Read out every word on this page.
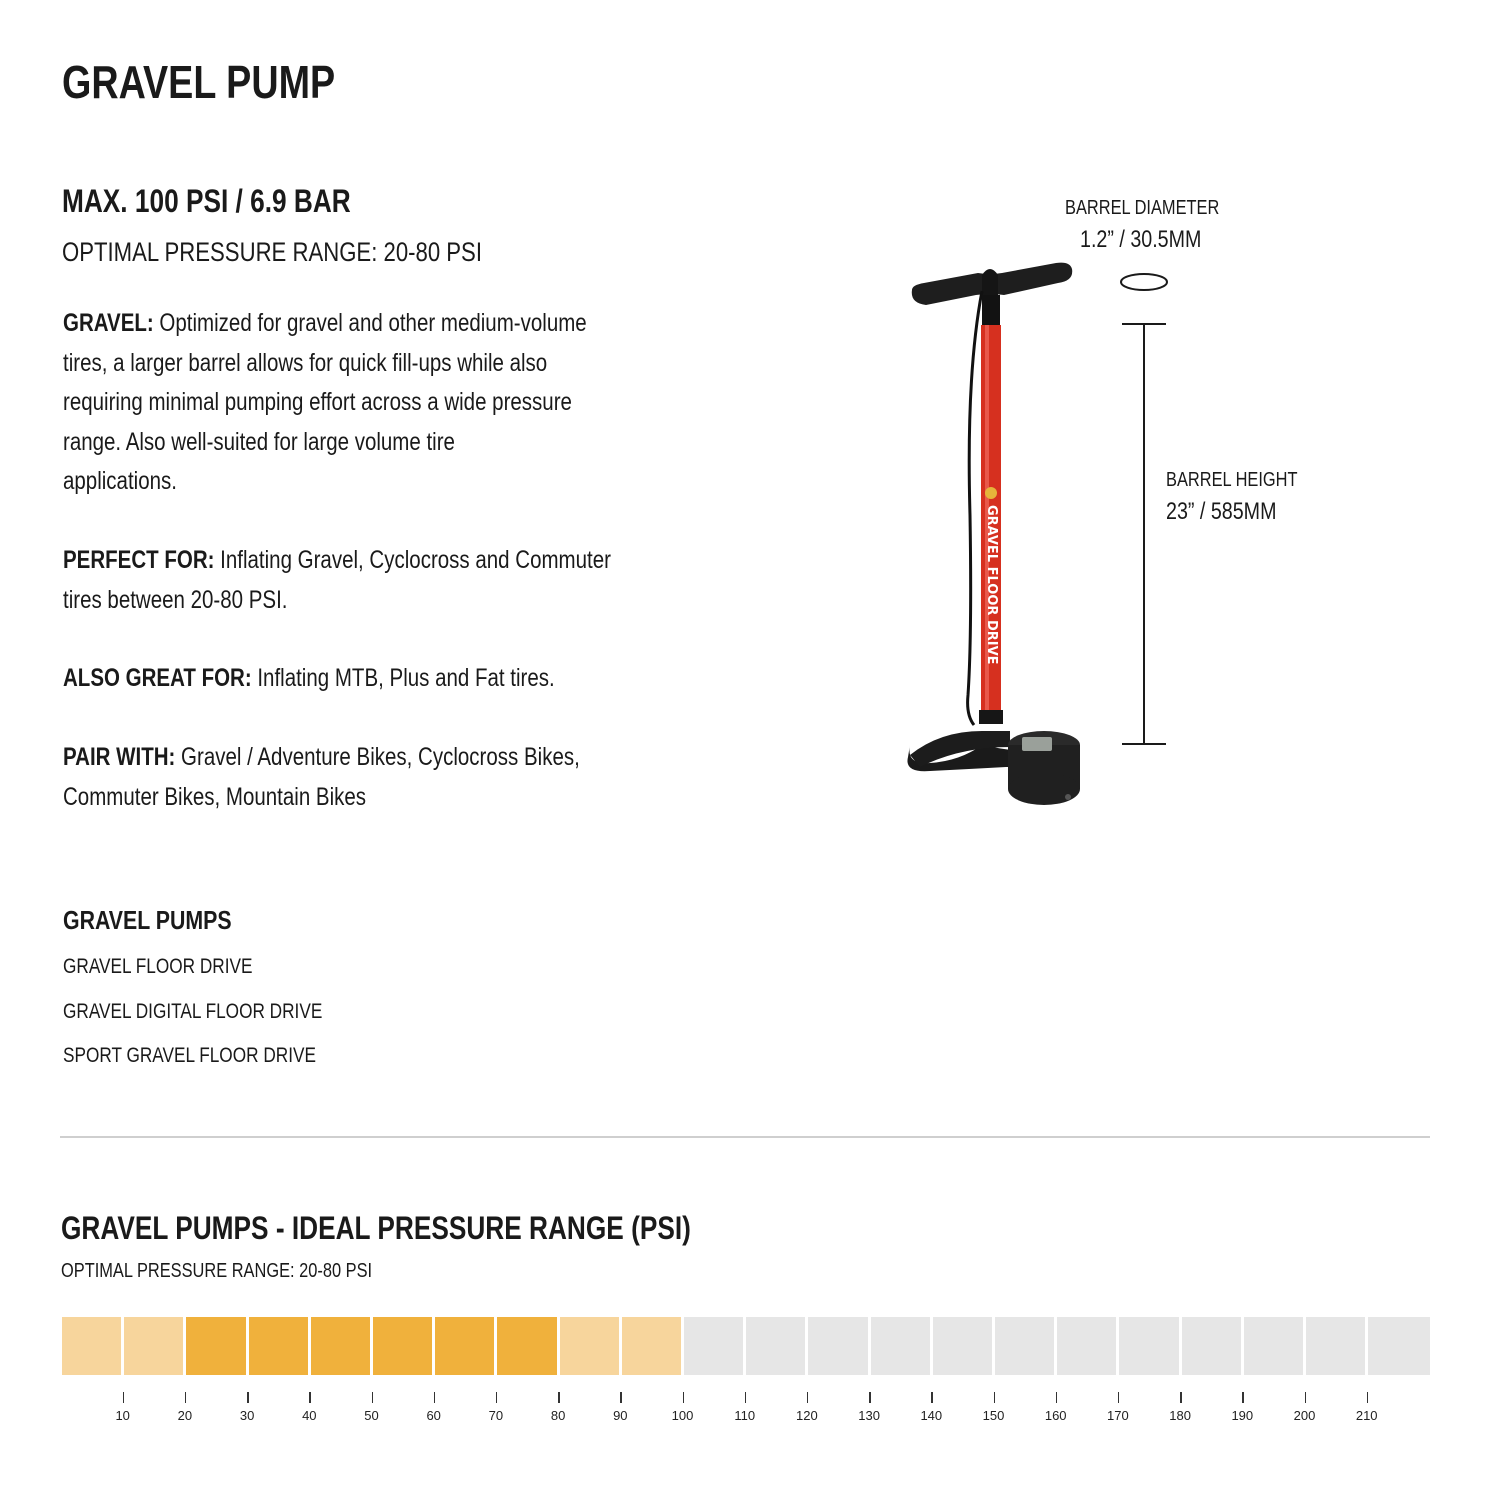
GRAVEL PUMP
MAX. 100 PSI / 6.9 BAR
OPTIMAL PRESSURE RANGE: 20-80 PSI
GRAVEL: Optimized for gravel and other medium-volume
tires, a larger barrel allows for quick fill-ups while also
requiring minimal pumping effort across a wide pressure
range. Also well-suited for large volume tire
applications.
PERFECT FOR: Inflating Gravel, Cyclocross and Commuter
tires between 20-80 PSI.
ALSO GREAT FOR: Inflating MTB, Plus and Fat tires.
PAIR WITH: Gravel / Adventure Bikes, Cyclocross Bikes,
Commuter Bikes, Mountain Bikes
GRAVEL PUMPS
GRAVEL FLOOR DRIVE
GRAVEL DIGITAL FLOOR DRIVE
SPORT GRAVEL FLOOR DRIVE
GRAVEL FLOOR DRIVE
BARREL DIAMETER
1.2” / 30.5MM
BARREL HEIGHT
23” / 585MM
GRAVEL PUMPS - IDEAL PRESSURE RANGE (PSI)
OPTIMAL PRESSURE RANGE: 20-80 PSI
10	20	30	40	50	60	70	80	90	100	110	120	130	140	150	160	170	180	190	200	210
